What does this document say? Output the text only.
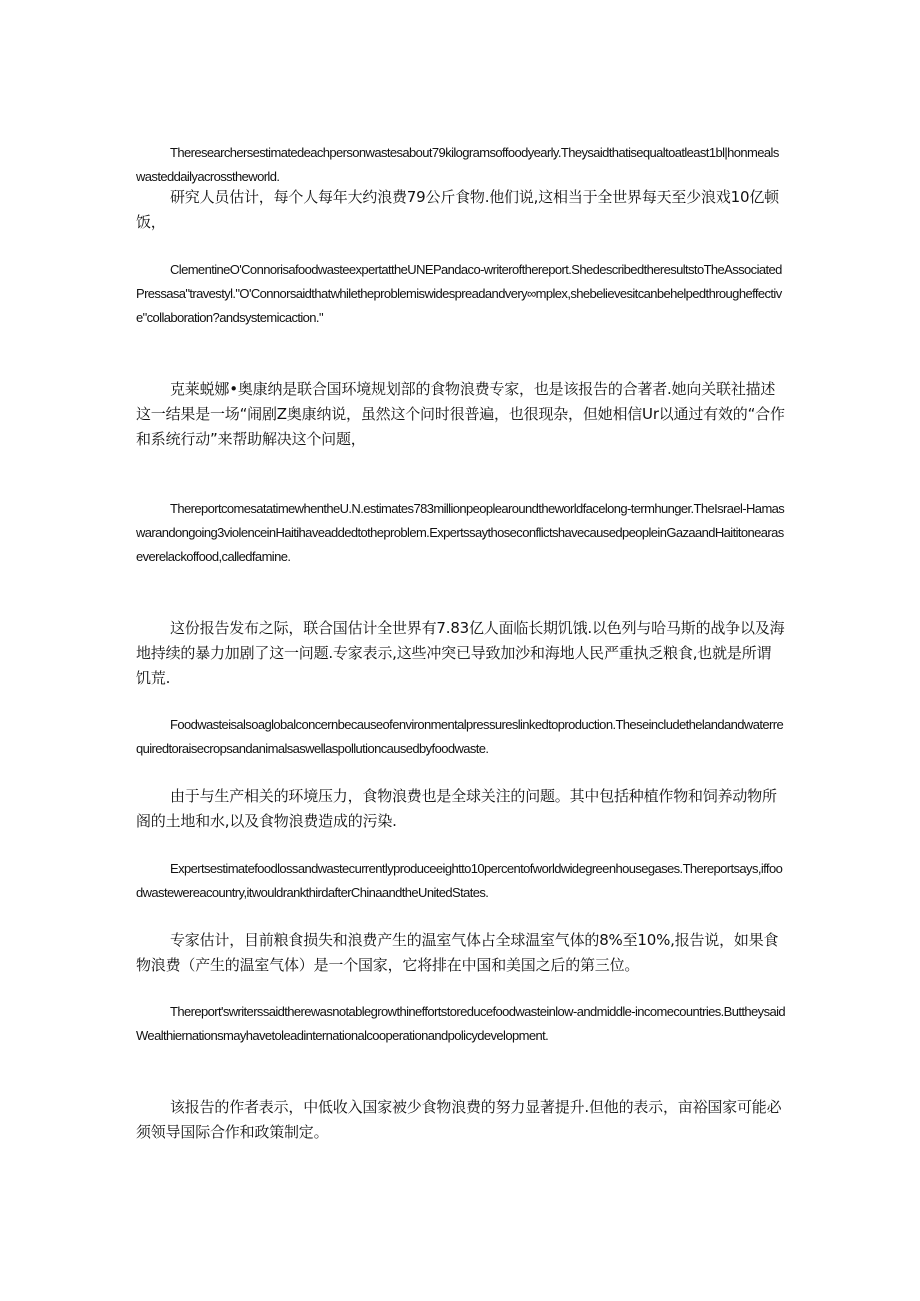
Theresearchersestimatedeachpersonwastesabout79kilogramsoffoodyearly.Theysaidthatisequaltoatleast1bl|honmealswasteddailyacrosstheworld.

研究人员估计，每个人每年大约浪费79公斤食物.他们说,这相当于全世界每天至少浪戏10亿顿饭，

ClementineO'ConnorisafoodwasteexpertattheUNEPandaco-writerofthereport.ShedescribedtheresultstoTheAssociatedPressasa"travestyl."O'Connorsaidthatwhiletheproblemiswidespreadandvery∞mplex,shebelievesitcanbehelpedthrougheffective"collaboration?andsystemicaction."

克莱蜕娜•奥康纳是联合国环境规划部的食物浪费专家，也是该报告的合著者.她向关联社描述这一结果是一场“闹剧Z奥康纳说，虽然这个问时很普遍，也很现杂，但她相信Ur以通过有效的“合作和系统行动”来帮助解决这个问题，

ThereportcomesatatimewhentheU.N.estimates783millionpeoplearoundtheworldfacelong-termhunger.TheIsrael-Hamaswarandongoing3violenceinHaitihaveaddedtotheproblem.ExpertssaythoseconflictshavecausedpeopleinGazaandHaititonearaseverelackoffood,calledfamine.

这份报告发布之际，联合国估计全世界有7.83亿人面临长期饥饿.以色列与哈马斯的战争以及海地持续的暴力加剧了这一问题.专家表示,这些冲突已导致加沙和海地人民严重执乏粮食,也就是所谓饥荒.

Foodwasteisalsoaglobalconcernbecauseofenvironmentalpressureslinkedtoproduction.Theseincludethelandandwaterrequiredtoraisecropsandanimalsaswellaspollutioncausedbyfoodwaste.

由于与生产相关的环境压力，食物浪费也是全球关注的问题。其中包括种植作物和饲养动物所阁的土地和水,以及食物浪费造成的污染.

Expertsestimatefoodlossandwastecurrentlyproduceeightto10percentofworldwidegreenhousegases.Thereportsays,iffoodwastewereacountry,itwouldrankthirdafterChinaandtheUnitedStates.

专家估计，目前粮食损失和浪费产生的温室气体占全球温室气体的8%至10%,报告说，如果食物浪费（产生的温室气体）是一个国家，它将排在中国和美国之后的第三位。

Thereport'swriterssaidtherewasnotablegrowthineffortstoreducefoodwasteinlow-andmiddle-incomecountries.ButtheysaidWealthiernationsmayhavetoleadinternationalcooperationandpolicydevelopment.

该报告的作者表示，中低收入国家被少食物浪费的努力显著提升.但他的表示，亩裕国家可能必须领导国际合作和政策制定。
